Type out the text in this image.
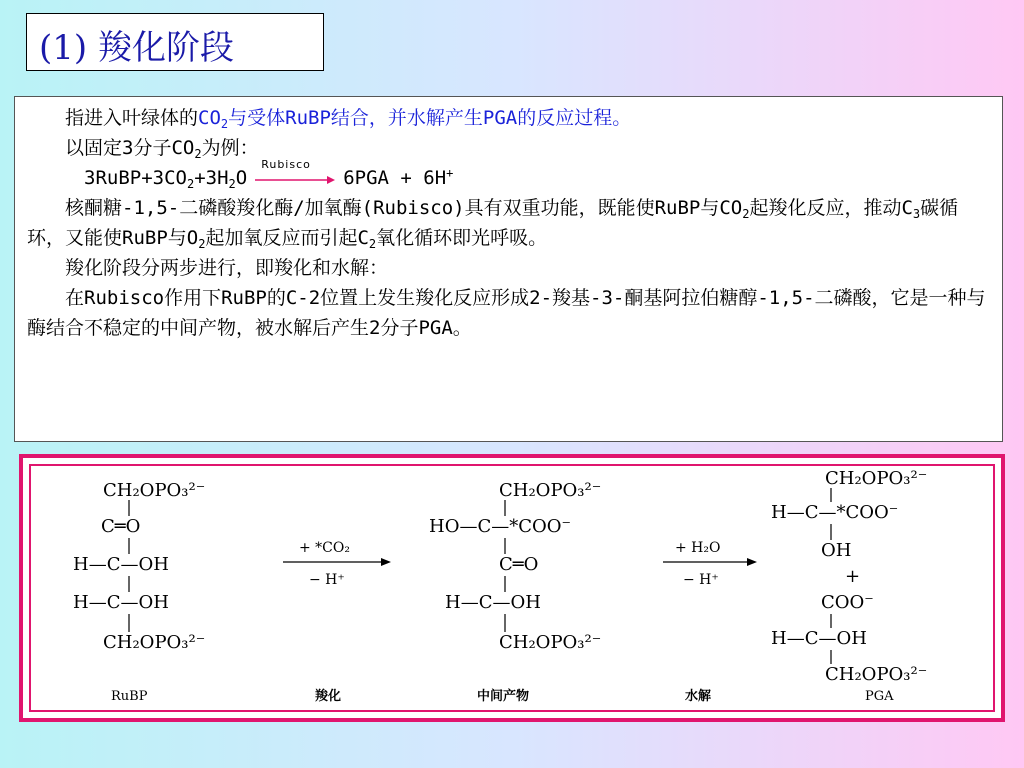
(1) 羧化阶段

指进入叶绿体的$CO_2$与受体RuBP结合，并水解产生PGA的反应过程。

以固定3分子$CO_2$为例：

$3RuBP+3CO_2+3H_2O$
Rubisco
6PGA + 6H+

核酮糖-1,5-二磷酸羧化酶/加氧酶(Rubisco)具有双重功能，既能使RuBP与$CO_2$起羧化反应，推动$C_3$碳循环，又能使RuBP与$O_2$起加氧反应而引起$C_2$氧化循环即光呼吸。

羧化阶段分两步进行，即羧化和水解：

在Rubisco作用下RuBP的C-2位置上发生羧化反应形成2-羧基-3-酮基阿拉伯糖醇-1,5-二磷酸，它是一种与酶结合不稳定的中间产物，被水解后产生2分子PGA。

CH₂OPO₃²⁻
C═O
H—C—OH
H—C—OH
CH₂OPO₃²⁻
RuBP
+ *CO₂
− H⁺
羧化
CH₂OPO₃²⁻
HO—C—*COO⁻
C═O
H—C—OH
CH₂OPO₃²⁻
中间产物
+ H₂O
− H⁺
水解
CH₂OPO₃²⁻
H—C—*COO⁻
OH
+
COO⁻
H—C—OH
CH₂OPO₃²⁻
PGA
